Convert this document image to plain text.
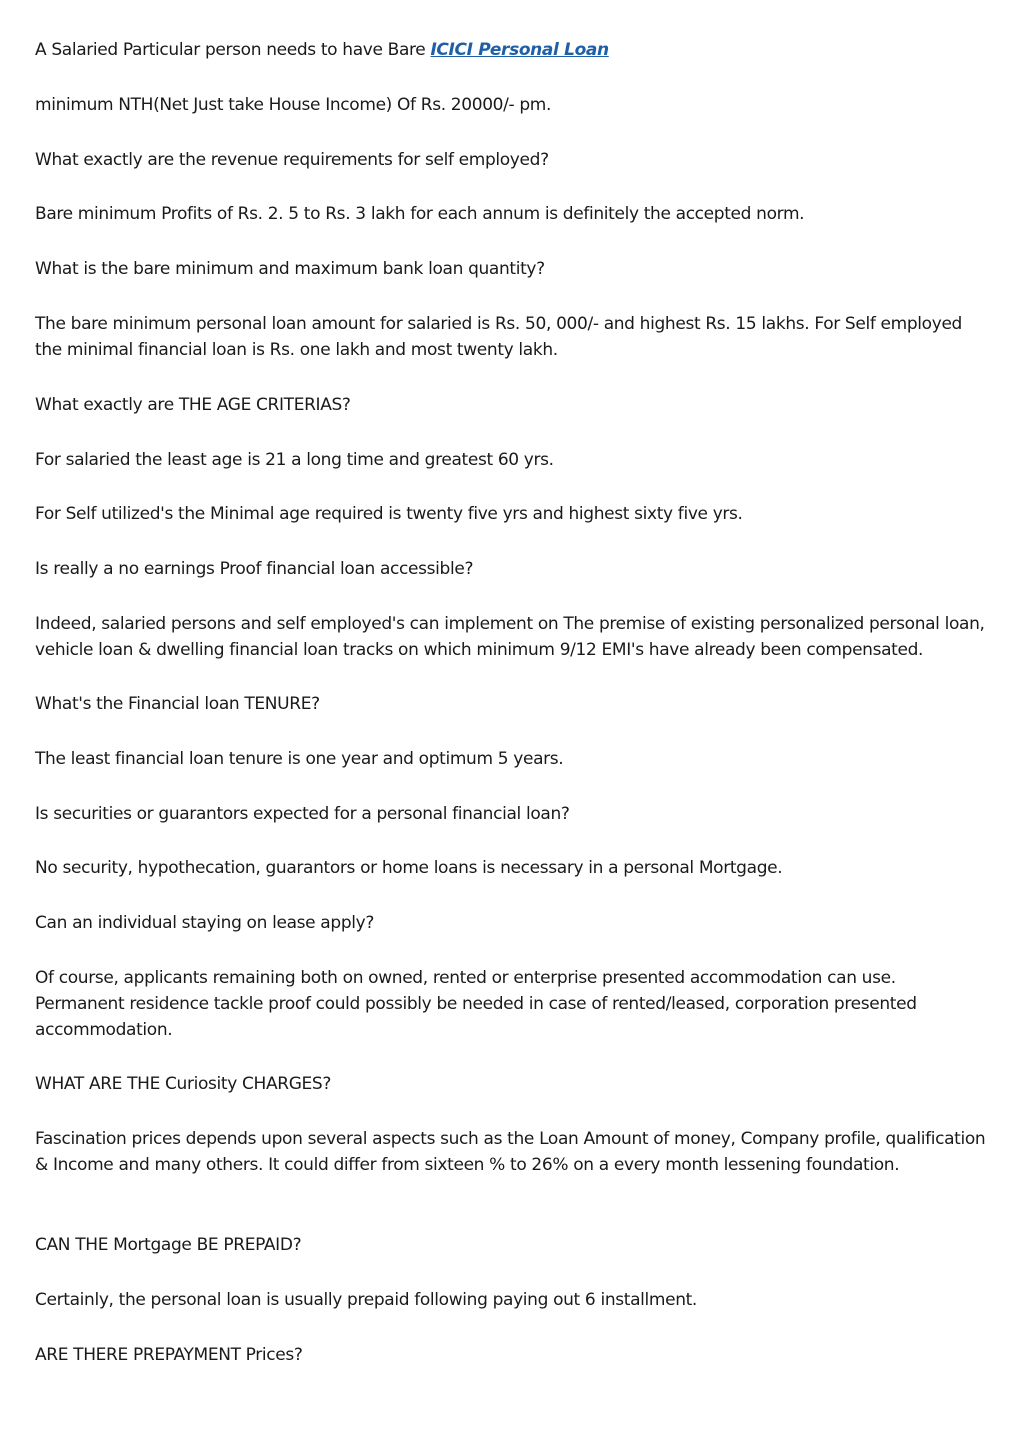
A Salaried Particular person needs to have Bare ICICI Personal Loan

minimum NTH(Net Just take House Income) Of Rs. 20000/- pm.

What exactly are the revenue requirements for self employed?

Bare minimum Profits of Rs. 2. 5 to Rs. 3 lakh for each annum is definitely the accepted norm.

What is the bare minimum and maximum bank loan quantity?

The bare minimum personal loan amount for salaried is Rs. 50, 000/- and highest Rs. 15 lakhs. For Self employed the minimal financial loan is Rs. one lakh and most twenty lakh.

What exactly are THE AGE CRITERIAS?

For salaried the least age is 21 a long time and greatest 60 yrs.

For Self utilized's the Minimal age required is twenty five yrs and highest sixty five yrs.

Is really a no earnings Proof financial loan accessible?

Indeed, salaried persons and self employed's can implement on The premise of existing personalized personal loan, vehicle loan & dwelling financial loan tracks on which minimum 9/12 EMI's have already been compensated.

What's the Financial loan TENURE?

The least financial loan tenure is one year and optimum 5 years.

Is securities or guarantors expected for a personal financial loan?

No security, hypothecation, guarantors or home loans is necessary in a personal Mortgage.

Can an individual staying on lease apply?

Of course, applicants remaining both on owned, rented or enterprise presented accommodation can use. Permanent residence tackle proof could possibly be needed in case of rented/leased, corporation presented accommodation.

WHAT ARE THE Curiosity CHARGES?

Fascination prices depends upon several aspects such as the Loan Amount of money, Company profile, qualification & Income and many others. It could differ from sixteen % to 26% on a every month lessening foundation.

CAN THE Mortgage BE PREPAID?

Certainly, the personal loan is usually prepaid following paying out 6 installment.

ARE THERE PREPAYMENT Prices?
